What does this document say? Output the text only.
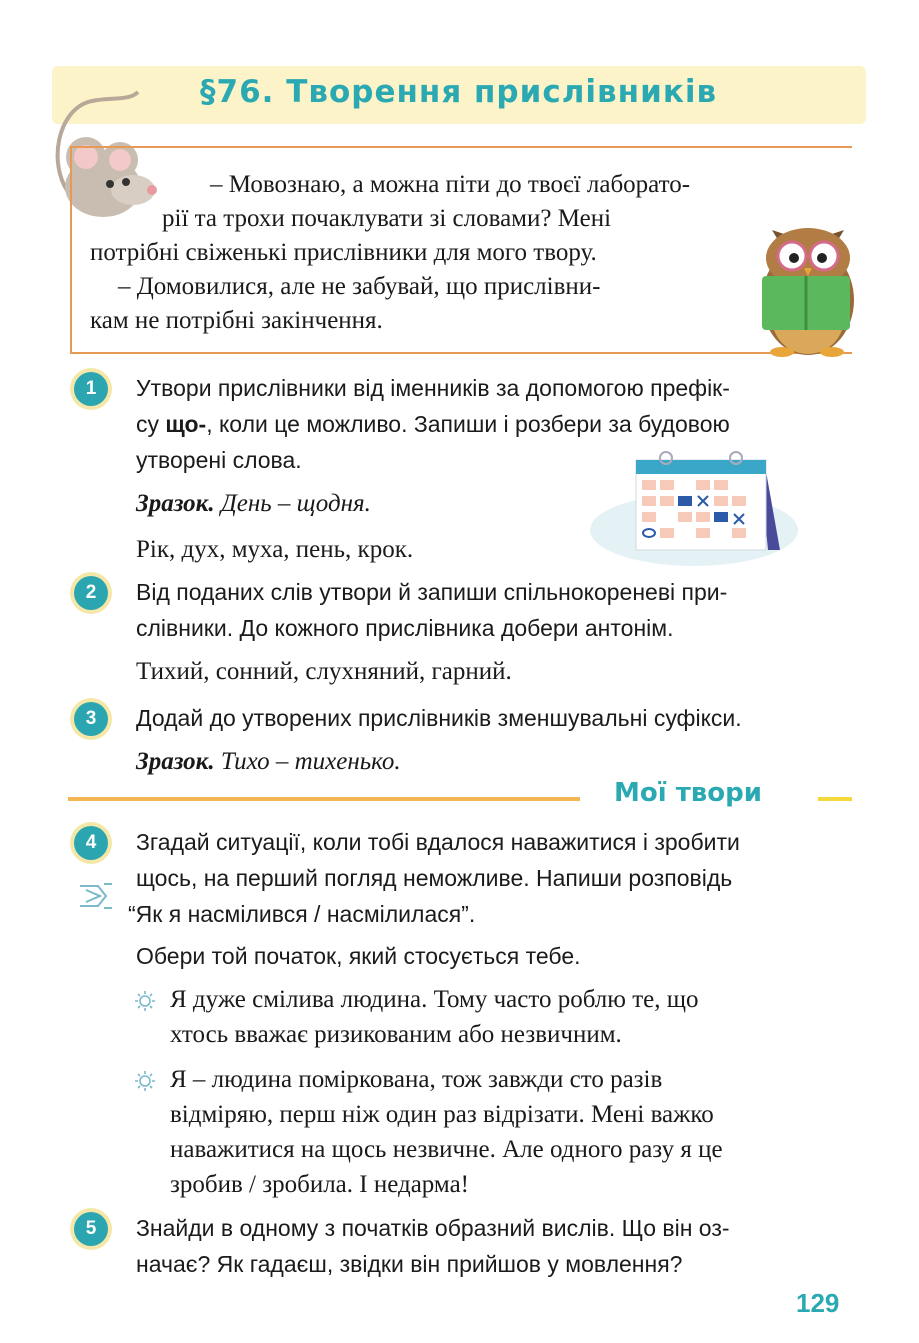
§76. Творення прислівників
– Мовознаю, а можна піти до твоєї лаборато-
рії та трохи почаклувати зі словами? Мені
потрібні свіженькі прислівники для мого твору.
– Домовилися, але не забувай, що прислівни-
кам не потрібні закінчення.
1	Утвори прислівники від іменників за допомогою префік-
су що-, коли це можливо. Запиши і розбери за будовою
утворені слова.
Зразок. День – щодня.
Рік, дух, муха, пень, крок.
2	Від поданих слів утвори й запиши спільнокореневі при-
слівники. До кожного прислівника добери антонім.
Тихий, сонний, слухняний, гарний.
3	Додай до утворених прислівників зменшувальні суфікси.
Зразок. Тихо – тихенько.
Мої твори
4	Згадай ситуації, коли тобі вдалося наважитися і зробити
щось, на перший погляд неможливе. Напиши розповідь
“Як я насмілився / насмілилася”.
Обери той початок, який стосується тебе.
Я дуже смілива людина. Тому часто роблю те, що
хтось вважає ризикованим або незвичним.
Я – людина поміркована, тож завжди сто разів
відміряю, перш ніж один раз відрізати. Мені важко
наважитися на щось незвичне. Але одного разу я це
зробив / зробила. І недарма!
5	Знайди в одному з початків образний вислів. Що він оз-
начає? Як гадаєш, звідки він прийшов у мовлення?
129
